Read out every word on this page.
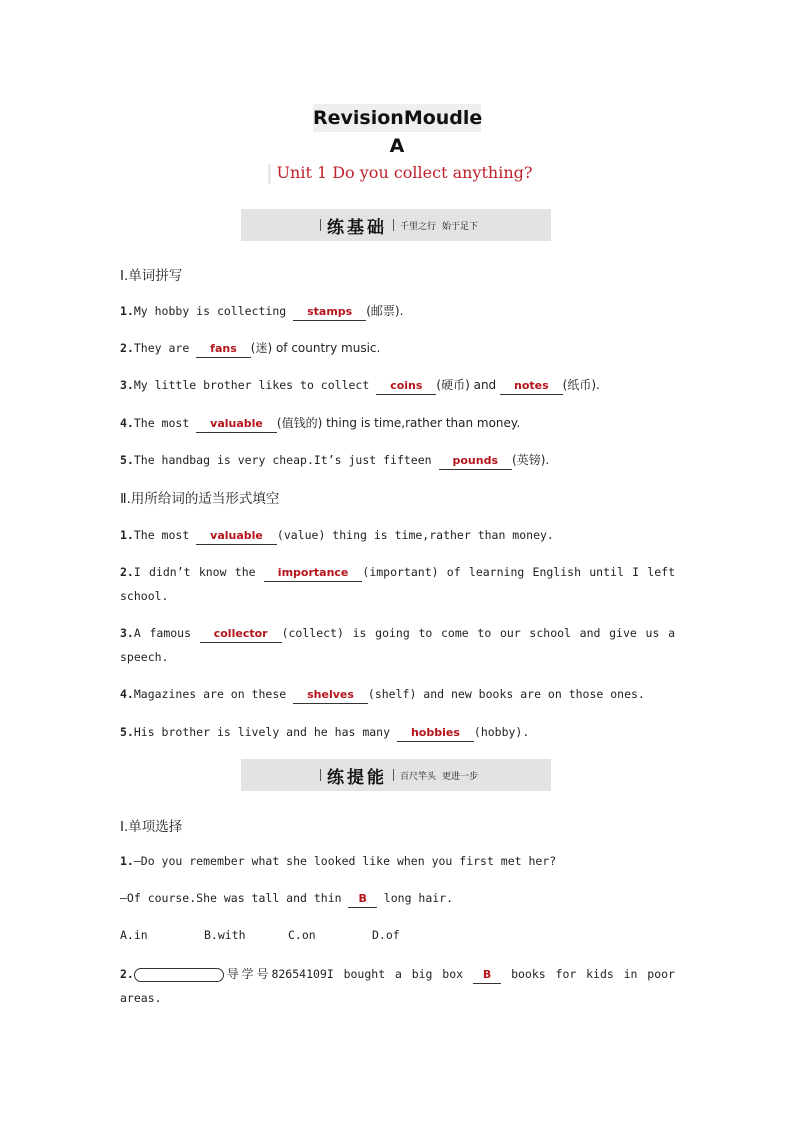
RevisionMoudle A
Unit 1 Do you collect anything?
练基础 千里之行 始于足下
Ⅰ.单词拼写
1.My hobby is collecting stamps (邮票).
2.They are fans (迷) of country music.
3.My little brother likes to collect coins (硬币) and notes (纸币).
4.The most valuable (值钱的) thing is time,rather than money.
5.The handbag is very cheap.It’s just fifteen pounds (英镑).
Ⅱ.用所给词的适当形式填空
1.The most valuable (value) thing is time,rather than money.
2.I didn’t know the importance (important) of learning English until I left school.
3.A famous collector (collect) is going to come to our school and give us a speech.
4.Magazines are on these shelves (shelf) and new books are on those ones.
5.His brother is lively and he has many hobbies (hobby).
练提能 百尺竿头 更进一步
Ⅰ.单项选择
1.—Do you remember what she looked like when you first met her?
—Of course.She was tall and thin B long hair.
A.in	B.with	C.on	D.of
2.	导学号82654109I bought a big box B books for kids in poor areas.
